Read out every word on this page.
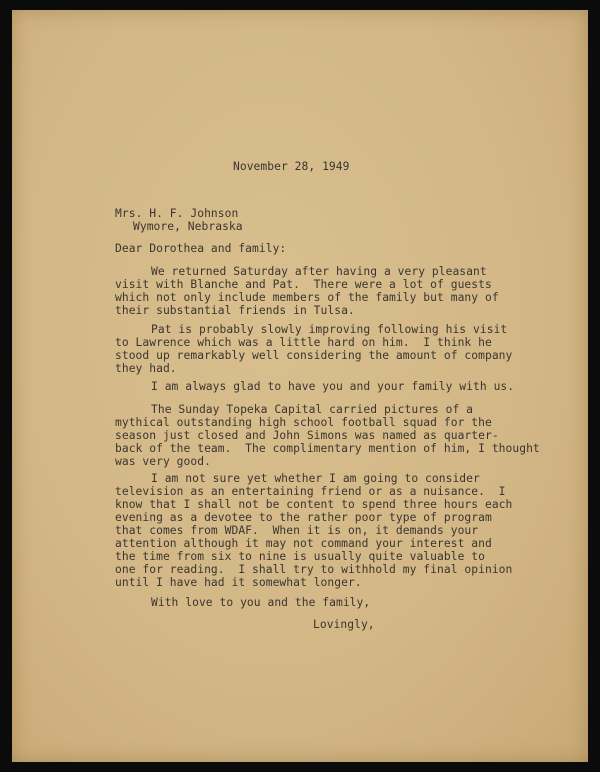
November 28, 1949
Mrs. H. F. Johnson
Wymore, Nebraska
Dear Dorothea and family:
We returned Saturday after having a very pleasant
visit with Blanche and Pat.  There were a lot of guests
which not only include members of the family but many of
their substantial friends in Tulsa.
Pat is probably slowly improving following his visit
to Lawrence which was a little hard on him.  I think he
stood up remarkably well considering the amount of company
they had.
I am always glad to have you and your family with us.
The Sunday Topeka Capital carried pictures of a
mythical outstanding high school football squad for the
season just closed and John Simons was named as quarter-
back of the team.  The complimentary mention of him, I thought
was very good.
I am not sure yet whether I am going to consider
television as an entertaining friend or as a nuisance.  I
know that I shall not be content to spend three hours each
evening as a devotee to the rather poor type of program
that comes from WDAF.  When it is on, it demands your
attention although it may not command your interest and
the time from six to nine is usually quite valuable to
one for reading.  I shall try to withhold my final opinion
until I have had it somewhat longer.
With love to you and the family,
Lovingly,
